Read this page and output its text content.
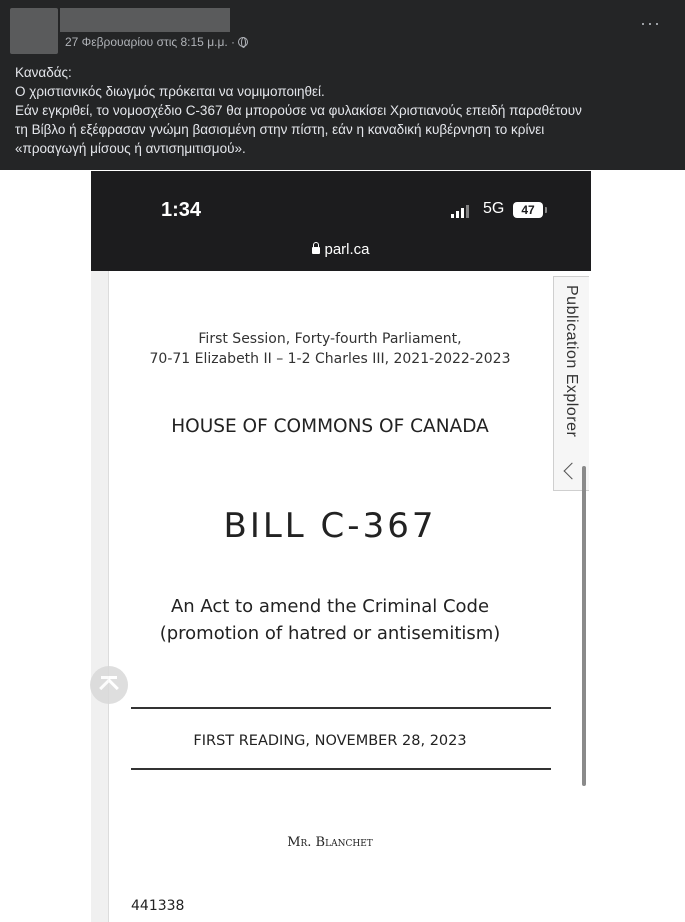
27 Φεβρουαρίου στις 8:15 μ.μ. ·
···
Καναδάς:
Ο χριστιανικός διωγμός πρόκειται να νομιμοποιηθεί.
Εάν εγκριθεί, το νομοσχέδιο C-367 θα μπορούσε να φυλακίσει Χριστιανούς επειδή παραθέτουν
τη Βίβλο ή εξέφρασαν γνώμη βασισμένη στην πίστη, εάν η καναδική κυβέρνηση το κρίνει
«προαγωγή μίσους ή αντισημιτισμού».
1:34	5G	47
parl.ca
First Session, Forty-fourth Parliament,
70-71 Elizabeth II – 1-2 Charles III, 2021-2022-2023
HOUSE OF COMMONS OF CANADA
BILL C-367
An Act to amend the Criminal Code
(promotion of hatred or antisemitism)
FIRST READING, NOVEMBER 28, 2023
Mr. Blanchet
441338
Publication Explorer
